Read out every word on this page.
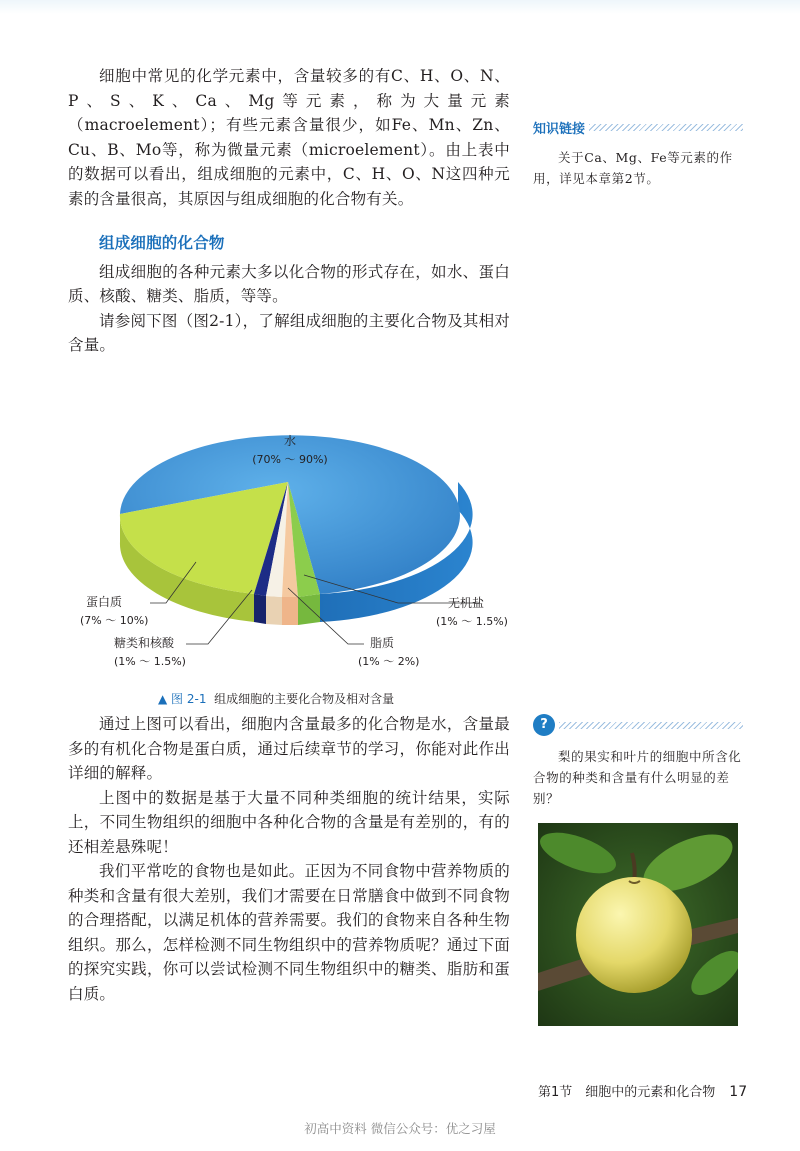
细胞中常见的化学元素中，含量较多的有C、H、O、N、P、S、K、Ca、Mg等元素，称为大量元素（macroelement）；有些元素含量很少，如Fe、Mn、Zn、Cu、B、Mo等，称为微量元素（microelement）。由上表中的数据可以看出，组成细胞的元素中，C、H、O、N这四种元素的含量很高，其原因与组成细胞的化合物有关。

组成细胞的化合物

组成细胞的各种元素大多以化合物的形式存在，如水、蛋白质、核酸、糖类、脂质，等等。

请参阅下图（图2-1），了解组成细胞的主要化合物及其相对含量。

知识链接
关于Ca、Mg、Fe等元素的作用，详见本章第2节。
水
(70% ～ 90%)
蛋白质
(7% ～ 10%)
糖类和核酸
(1% ～ 1.5%)
无机盐
(1% ～ 1.5%)
脂质
(1% ～ 2%)
▲ 图 2-1 组成细胞的主要化合物及相对含量

通过上图可以看出，细胞内含量最多的化合物是水，含量最多的有机化合物是蛋白质，通过后续章节的学习，你能对此作出详细的解释。

上图中的数据是基于大量不同种类细胞的统计结果，实际上，不同生物组织的细胞中各种化合物的含量是有差别的，有的还相差悬殊呢！

我们平常吃的食物也是如此。正因为不同食物中营养物质的种类和含量有很大差别，我们才需要在日常膳食中做到不同食物的合理搭配，以满足机体的营养需要。我们的食物来自各种生物组织。那么，怎样检测不同生物组织中的营养物质呢？通过下面的探究实践，你可以尝试检测不同生物组织中的糖类、脂肪和蛋白质。

?
梨的果实和叶片的细胞中所含化合物的种类和含量有什么明显的差别？
第1节　细胞中的元素和化合物 17
初高中资料 微信公众号：优之习屋
